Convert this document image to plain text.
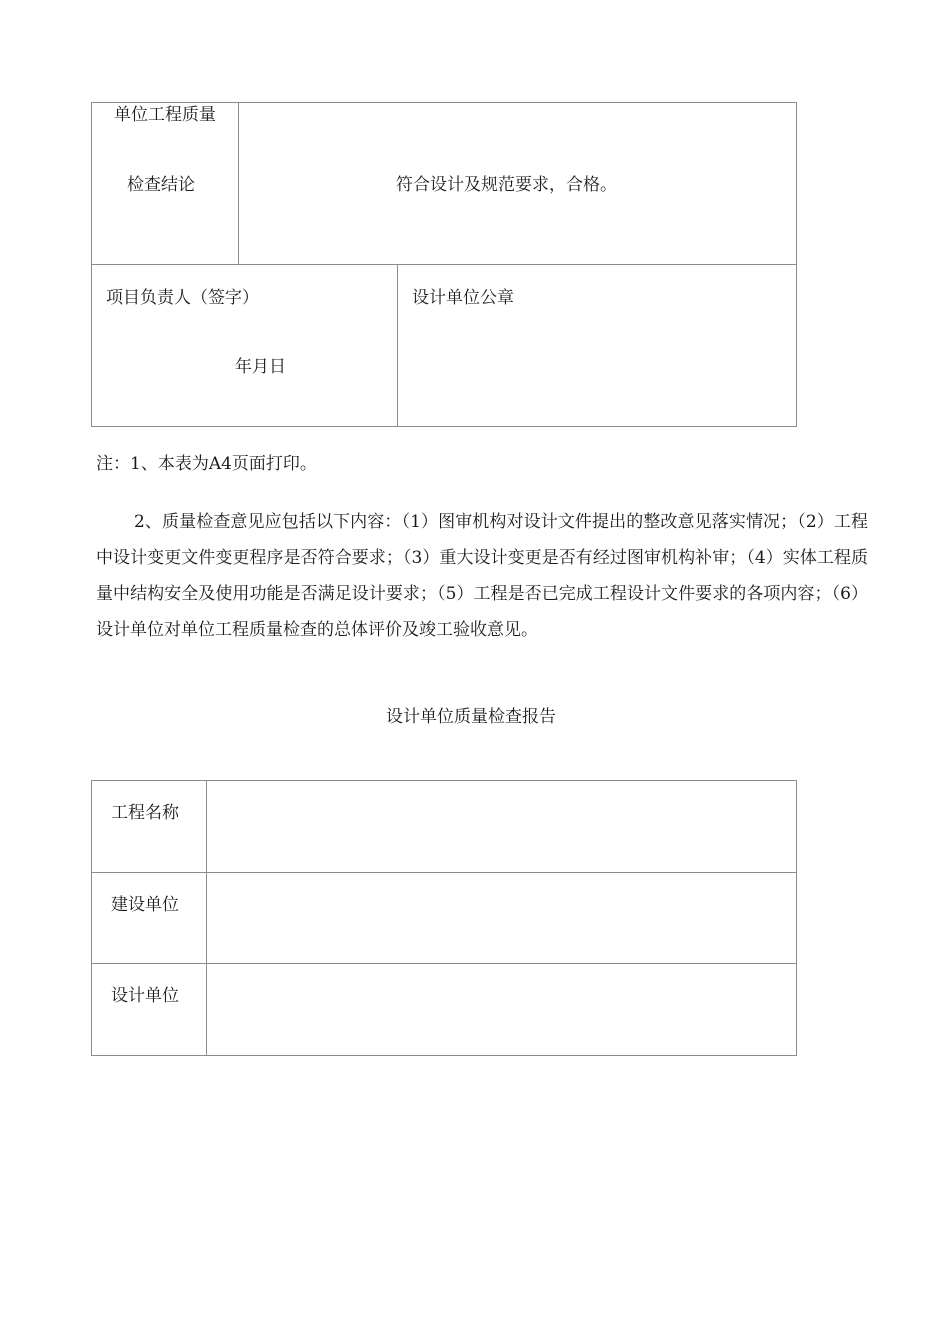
单位工程质量
检查结论	符合设计及规范要求，合格。
项目负责人（签字）
年月日
设计单位公章
注：1、本表为A4页面打印。
2、质量检查意见应包括以下内容：（1）图审机构对设计文件提出的整改意见落实情况；（2）工程中设计变更文件变更程序是否符合要求；（3）重大设计变更是否有经过图审机构补审；（4）实体工程质量中结构安全及使用功能是否满足设计要求；（5）工程是否已完成工程设计文件要求的各项内容；（6）设计单位对单位工程质量检查的总体评价及竣工验收意见。
设计单位质量检查报告
工程名称
建设单位
设计单位
